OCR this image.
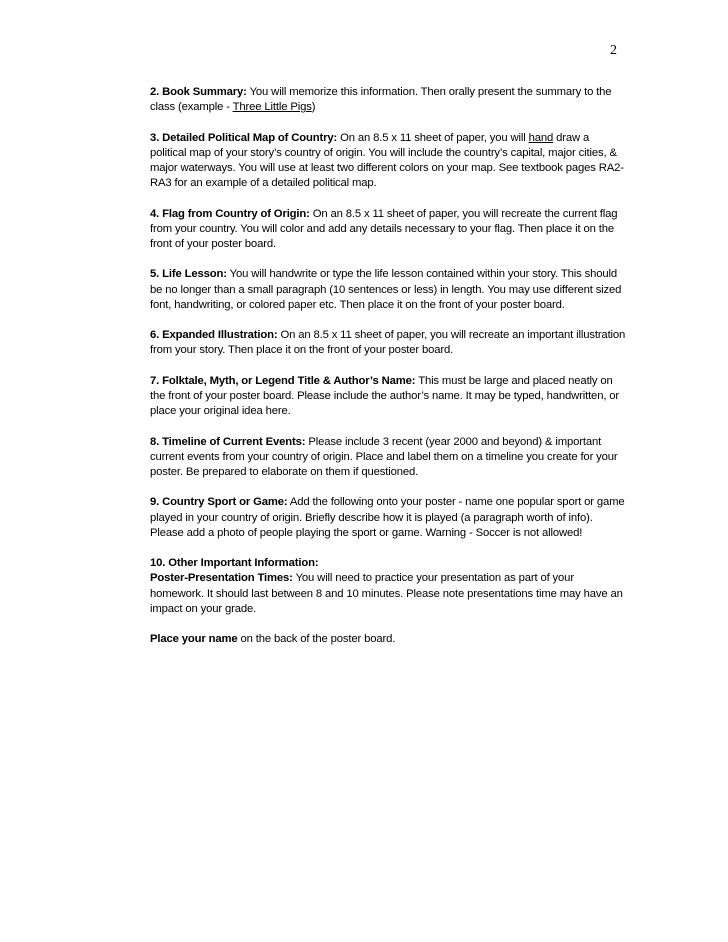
2

2. Book Summary: You will memorize this information. Then orally present the summary to the class (example - Three Little Pigs)

3. Detailed Political Map of Country: On an 8.5 x 11 sheet of paper, you will hand draw a political map of your story’s country of origin. You will include the country’s capital, major cities, & major waterways. You will use at least two different colors on your map. See textbook pages RA2-RA3 for an example of a detailed political map.

4. Flag from Country of Origin: On an 8.5 x 11 sheet of paper, you will recreate the current flag from your country. You will color and add any details necessary to your flag. Then place it on the front of your poster board.

5. Life Lesson: You will handwrite or type the life lesson contained within your story. This should be no longer than a small paragraph (10 sentences or less) in length. You may use different sized font, handwriting, or colored paper etc. Then place it on the front of your poster board.

6. Expanded Illustration: On an 8.5 x 11 sheet of paper, you will recreate an important illustration from your story. Then place it on the front of your poster board.

7. Folktale, Myth, or Legend Title & Author’s Name: This must be large and placed neatly on the front of your poster board. Please include the author’s name. It may be typed, handwritten, or place your original idea here.

8. Timeline of Current Events: Please include 3 recent (year 2000 and beyond) & important current events from your country of origin. Place and label them on a timeline you create for your poster. Be prepared to elaborate on them if questioned.

9. Country Sport or Game: Add the following onto your poster - name one popular sport or game played in your country of origin. Briefly describe how it is played (a paragraph worth of info). Please add a photo of people playing the sport or game. Warning - Soccer is not allowed!

10. Other Important Information:
Poster-Presentation Times: You will need to practice your presentation as part of your homework. It should last between 8 and 10 minutes. Please note presentations time may have an impact on your grade.

Place your name on the back of the poster board.
